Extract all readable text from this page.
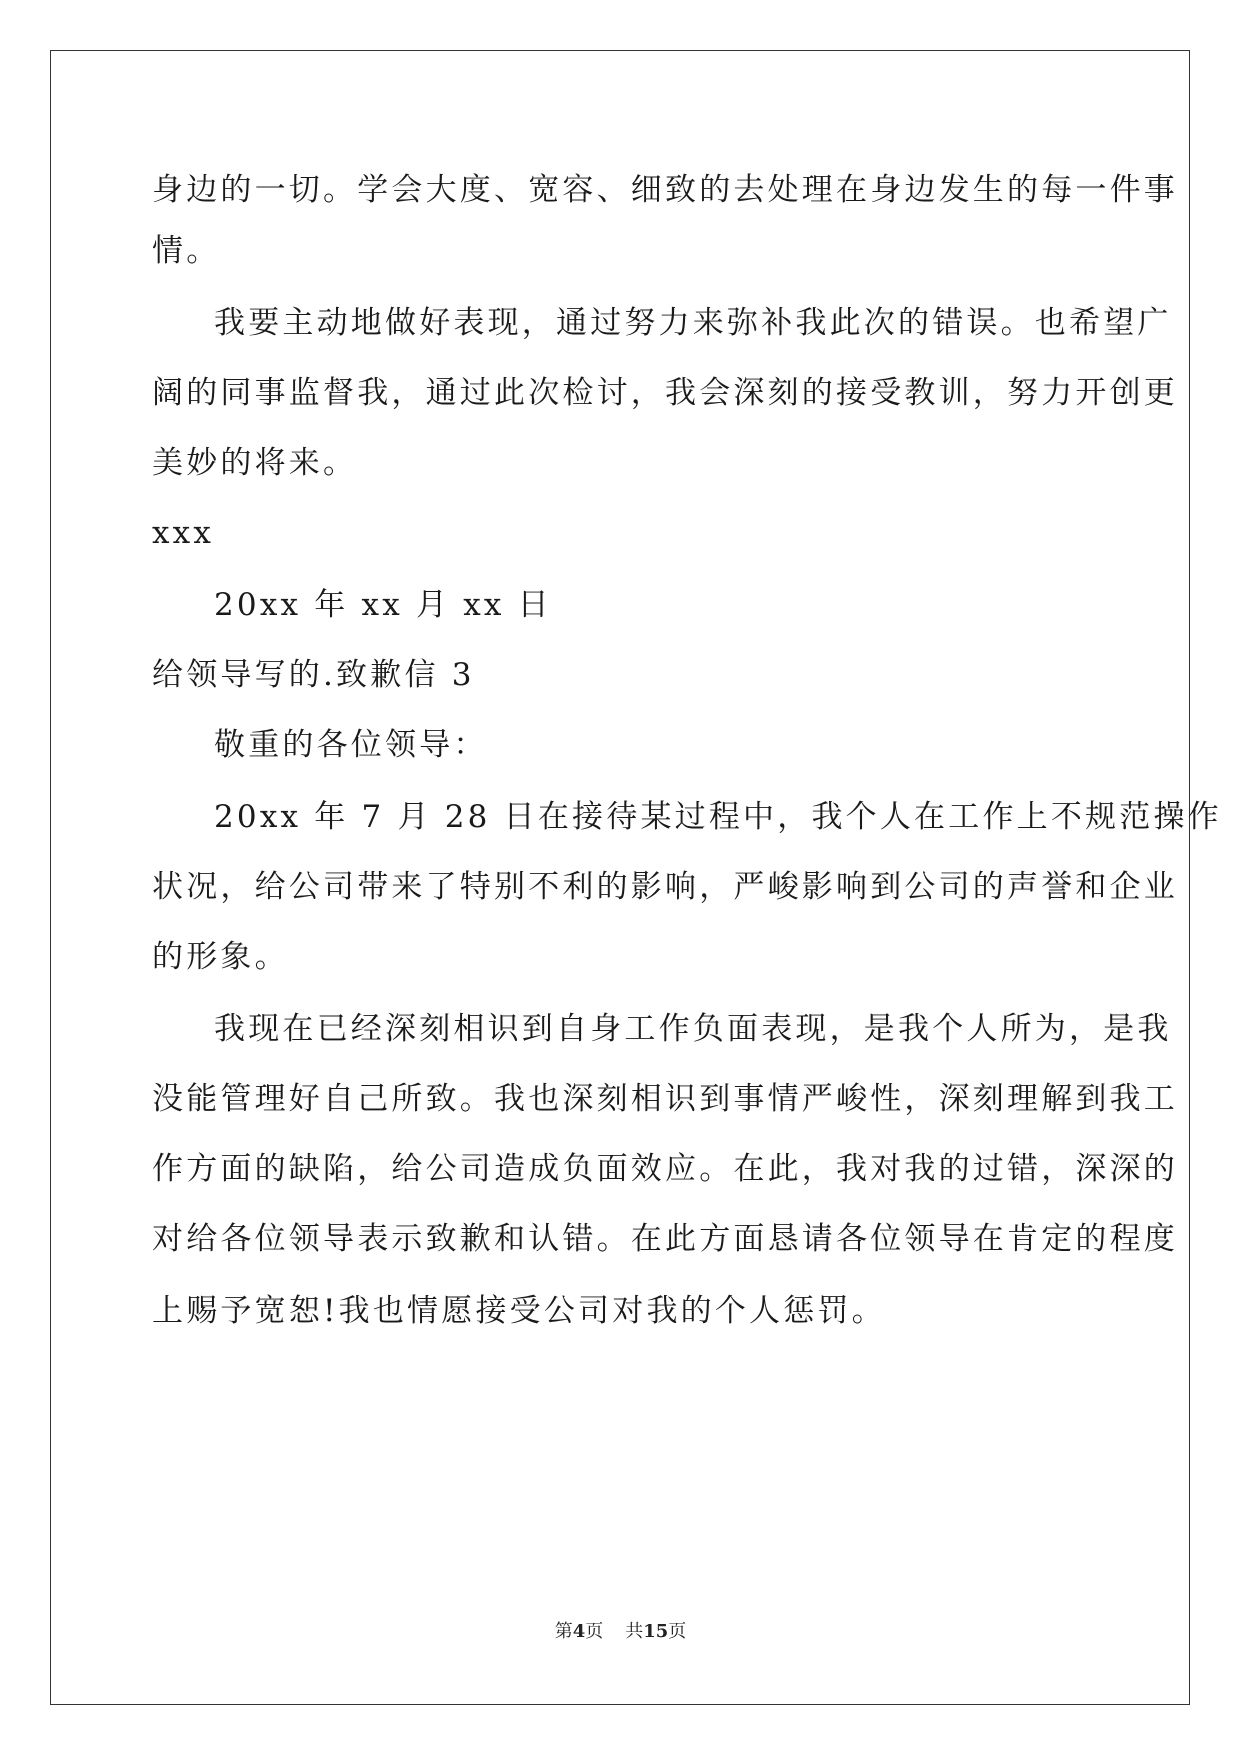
身边的一切。学会大度、宽容、细致的去处理在身边发生的每一件事
情。
我要主动地做好表现，通过努力来弥补我此次的错误。也希望广
阔的同事监督我，通过此次检讨，我会深刻的接受教训，努力开创更
美妙的将来。
xxx
20xx 年 xx 月 xx 日
给领导写的.致歉信 3
敬重的各位领导：
20xx 年 7 月 28 日在接待某过程中，我个人在工作上不规范操作
状况，给公司带来了特别不利的影响，严峻影响到公司的声誉和企业
的形象。
我现在已经深刻相识到自身工作负面表现，是我个人所为，是我
没能管理好自己所致。我也深刻相识到事情严峻性，深刻理解到我工
作方面的缺陷，给公司造成负面效应。在此，我对我的过错，深深的
对给各位领导表示致歉和认错。在此方面恳请各位领导在肯定的程度
上赐予宽恕!我也情愿接受公司对我的个人惩罚。
第4页 共15页
